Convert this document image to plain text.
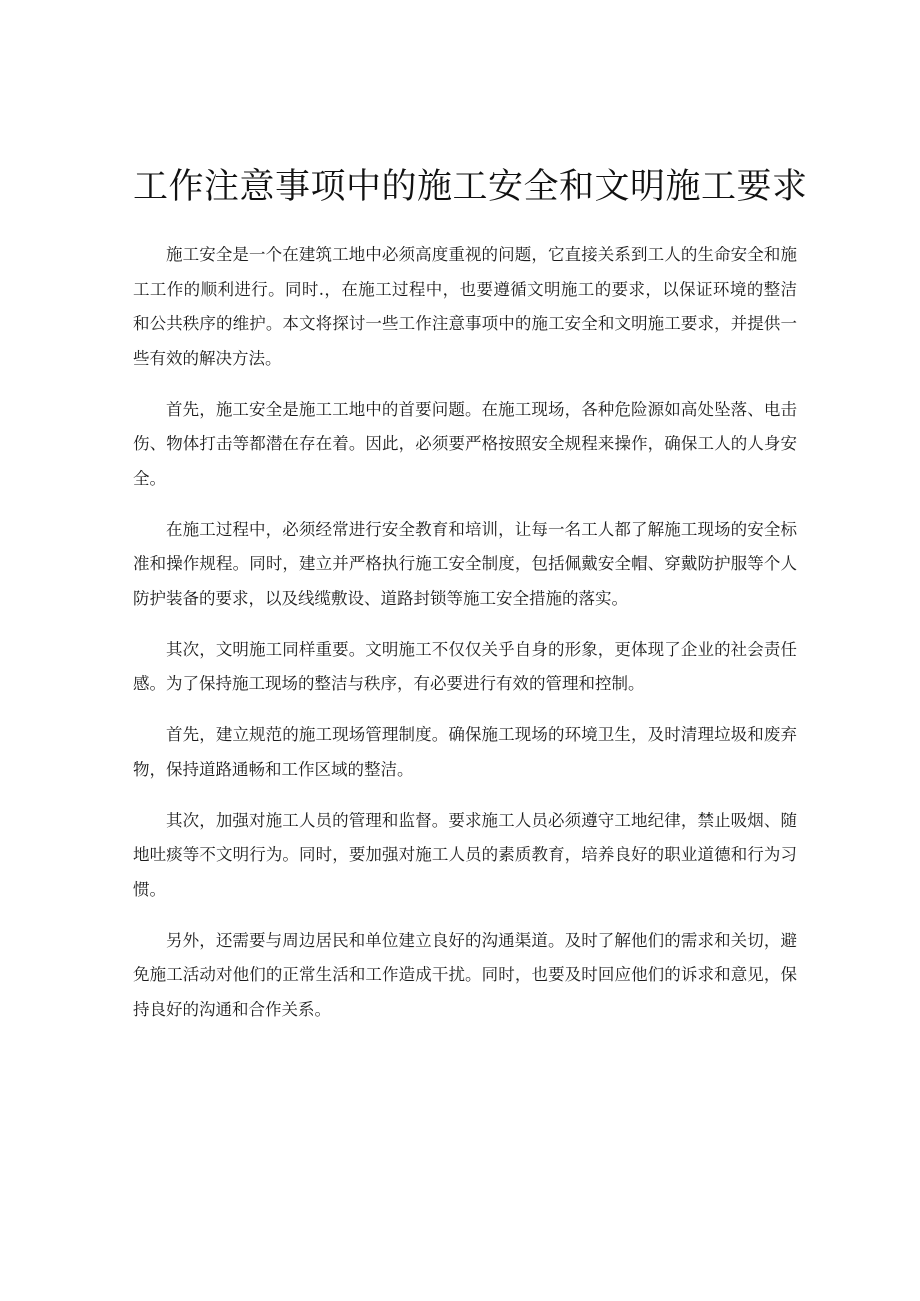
工作注意事项中的施工安全和文明施工要求

施工安全是一个在建筑工地中必须高度重视的问题，它直接关系到工人的生命安全和施工工作的顺利进行。同时.，在施工过程中，也要遵循文明施工的要求，以保证环境的整洁和公共秩序的维护。本文将探讨一些工作注意事项中的施工安全和文明施工要求，并提供一些有效的解决方法。

首先，施工安全是施工工地中的首要问题。在施工现场，各种危险源如高处坠落、电击伤、物体打击等都潜在存在着。因此，必须要严格按照安全规程来操作，确保工人的人身安全。

在施工过程中，必须经常进行安全教育和培训，让每一名工人都了解施工现场的安全标准和操作规程。同时，建立并严格执行施工安全制度，包括佩戴安全帽、穿戴防护服等个人防护装备的要求，以及线缆敷设、道路封锁等施工安全措施的落实。

其次，文明施工同样重要。文明施工不仅仅关乎自身的形象，更体现了企业的社会责任感。为了保持施工现场的整洁与秩序，有必要进行有效的管理和控制。

首先，建立规范的施工现场管理制度。确保施工现场的环境卫生，及时清理垃圾和废弃物，保持道路通畅和工作区域的整洁。

其次，加强对施工人员的管理和监督。要求施工人员必须遵守工地纪律，禁止吸烟、随地吐痰等不文明行为。同时，要加强对施工人员的素质教育，培养良好的职业道德和行为习惯。

另外，还需要与周边居民和单位建立良好的沟通渠道。及时了解他们的需求和关切，避免施工活动对他们的正常生活和工作造成干扰。同时，也要及时回应他们的诉求和意见，保持良好的沟通和合作关系。
